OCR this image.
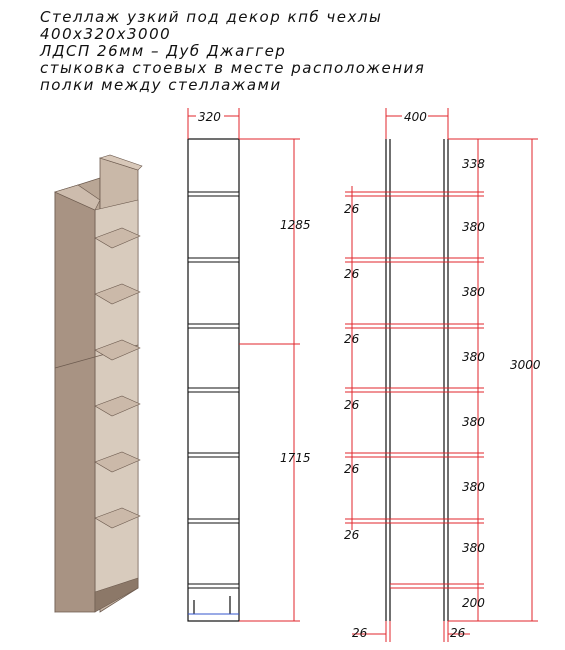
Стеллаж узкий под декор кпб чехлы
400x320x3000
ЛДСП 26мм – Дуб Джаггер
стыковка стоевых в месте расположения
полки между стеллажами
320
1285
1715
400
26
26
26
26
26
26
338
380
380
380
380
380
380
200
3000
26	26
